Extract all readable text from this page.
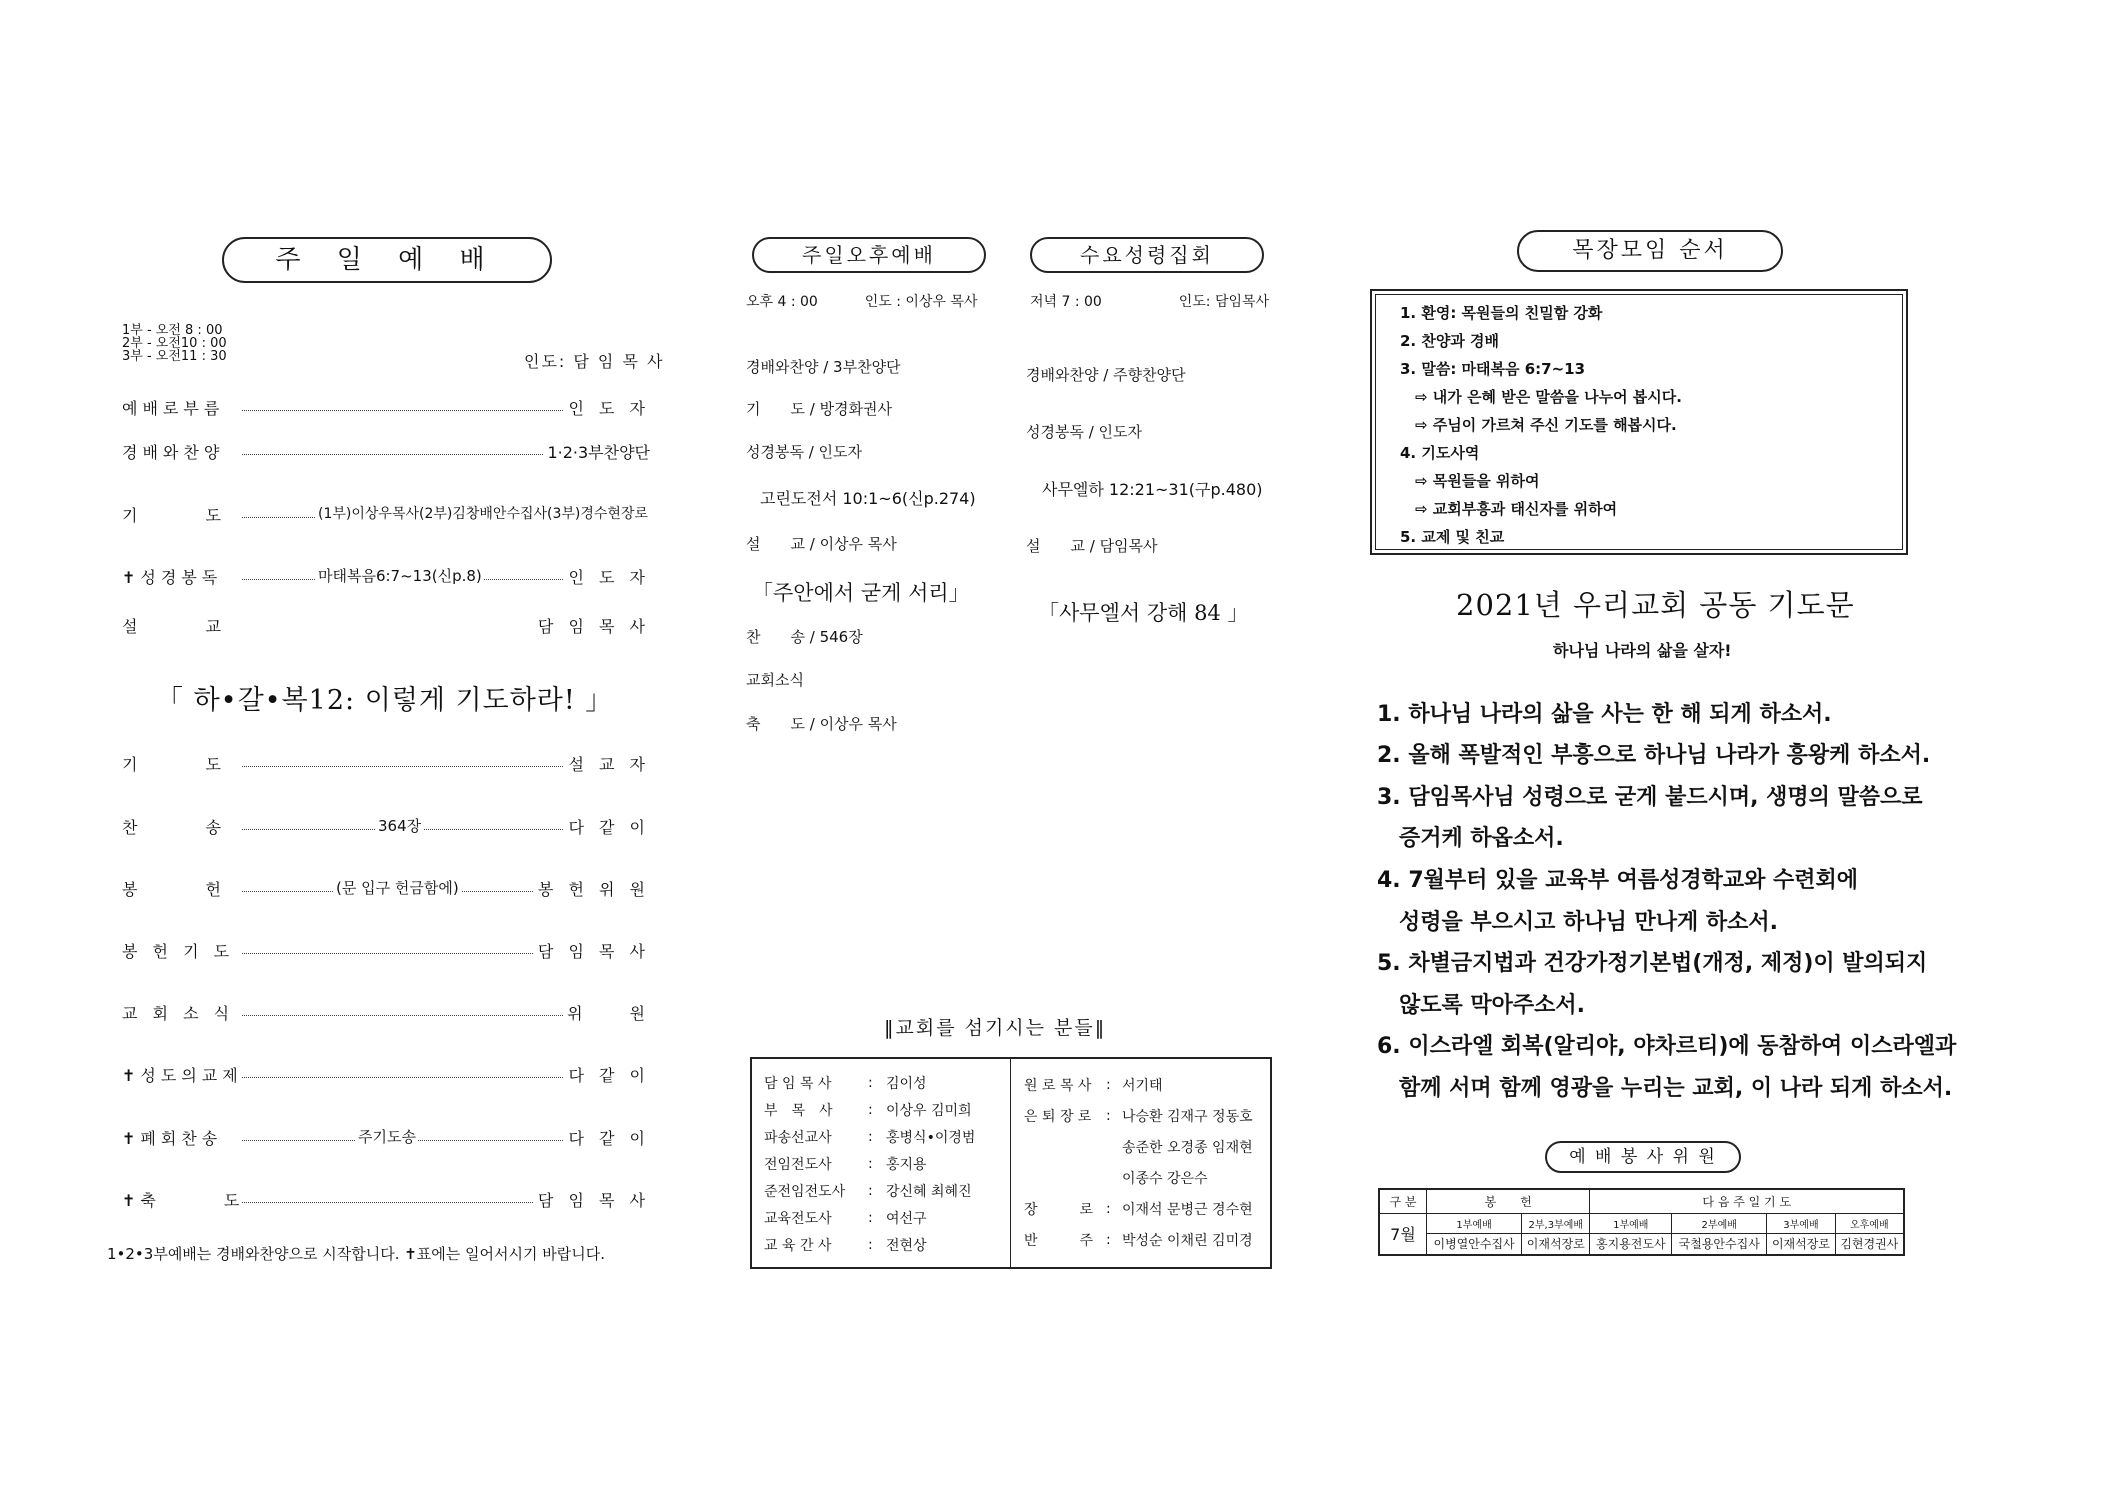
주 일 예 배
1부 - 오전 8 : 00
2부 - 오전10 : 00
3부 - 오전11 : 30	인도: 담 임 목 사
예배로부름	인 도 자
경배와찬양	1·2·3부찬양단
기　　　도	(1부)이상우목사(2부)김창배안수집사(3부)경수현장로
✝성경봉독	마태복음6:7~13(신p.8)	인 도 자
설　　　교	담 임 목 사
「 하•갈•복12: 이렇게 기도하라! 」
기　　　도	설 교 자
찬　　　송	364장	다 같 이
봉　　　헌	(문 입구 헌금함에)	봉 헌 위 원
봉 헌 기 도	담 임 목 사
교 회 소 식	위　　원
✝성도의교제	다 같 이
✝폐회찬송	주기도송	다 같 이
✝축　　　도	담 임 목 사
1•2•3부예배는 경배와찬양으로 시작합니다. ✝표에는 일어서시기 바랍니다.
주일오후예배
오후 4 : 00	인도 : 이상우 목사
경배와찬양 / 3부찬양단
기　　도 / 방경화권사
성경봉독 / 인도자
고린도전서 10:1~6(신p.274)
설　　교 / 이상우 목사
「주안에서 굳게 서리」
찬　　송 / 546장
교회소식
축　　도 / 이상우 목사
수요성령집회
저녁 7 : 00	인도: 담임목사
경배와찬양 / 주향찬양단
성경봉독 / 인도자
사무엘하 12:21~31(구p.480)
설　　교 / 담임목사
「사무엘서 강해 84 」
‖교회를 섬기시는 분들‖
담 임 목 사	:	김이성
부　목　사	:	이상우 김미희
파송선교사	:	홍병식•이경범
전임전도사	:	홍지용
준전임전도사	:	강신혜 최혜진
교육전도사	:	여선구
교 육 간 사	:	전현상
원 로 목 사	:	서기태
은 퇴 장 로	:	나승환 김재구 정동호
		송준한 오경종 임재현
		이종수 강은수
장　　　로	:	이재석 문병근 경수현
반　　　주	:	박성순 이채린 김미경
목장모임 순서
1. 환영: 목원들의 친밀함 강화
2. 찬양과 경배
3. 말씀: 마태복음 6:7~13
　⇨ 내가 은혜 받은 말씀을 나누어 봅시다.
　⇨ 주님이 가르쳐 주신 기도를 해봅시다.
4. 기도사역
　⇨ 목원들을 위하여
　⇨ 교회부흥과 태신자를 위하여
5. 교제 및 친교
2021년 우리교회 공동 기도문
하나님 나라의 삶을 살자!
1. 하나님 나라의 삶을 사는 한 해 되게 하소서.
2. 올해 폭발적인 부흥으로 하나님 나라가 흥왕케 하소서.
3. 담임목사님 성령으로 굳게 붙드시며, 생명의 말씀으로
　증거케 하옵소서.
4. 7월부터 있을 교육부 여름성경학교와 수련회에
　성령을 부으시고 하나님 만나게 하소서.
5. 차별금지법과 건강가정기본법(개정, 제정)이 발의되지
　않도록 막아주소서.
6. 이스라엘 회복(알리야, 야차르티)에 동참하여 이스라엘과
　함께 서며 함께 영광을 누리는 교회, 이 나라 되게 하소서.
예 배 봉 사 위 원
구 분	봉　　헌		다 음 주 일 기 도			
7월	1부예배	2부,3부예배	1부예배	2부예배	3부예배	오후예배
	이병열안수집사	이재석장로	홍지용전도사	국철용안수집사	이재석장로	김현경권사
